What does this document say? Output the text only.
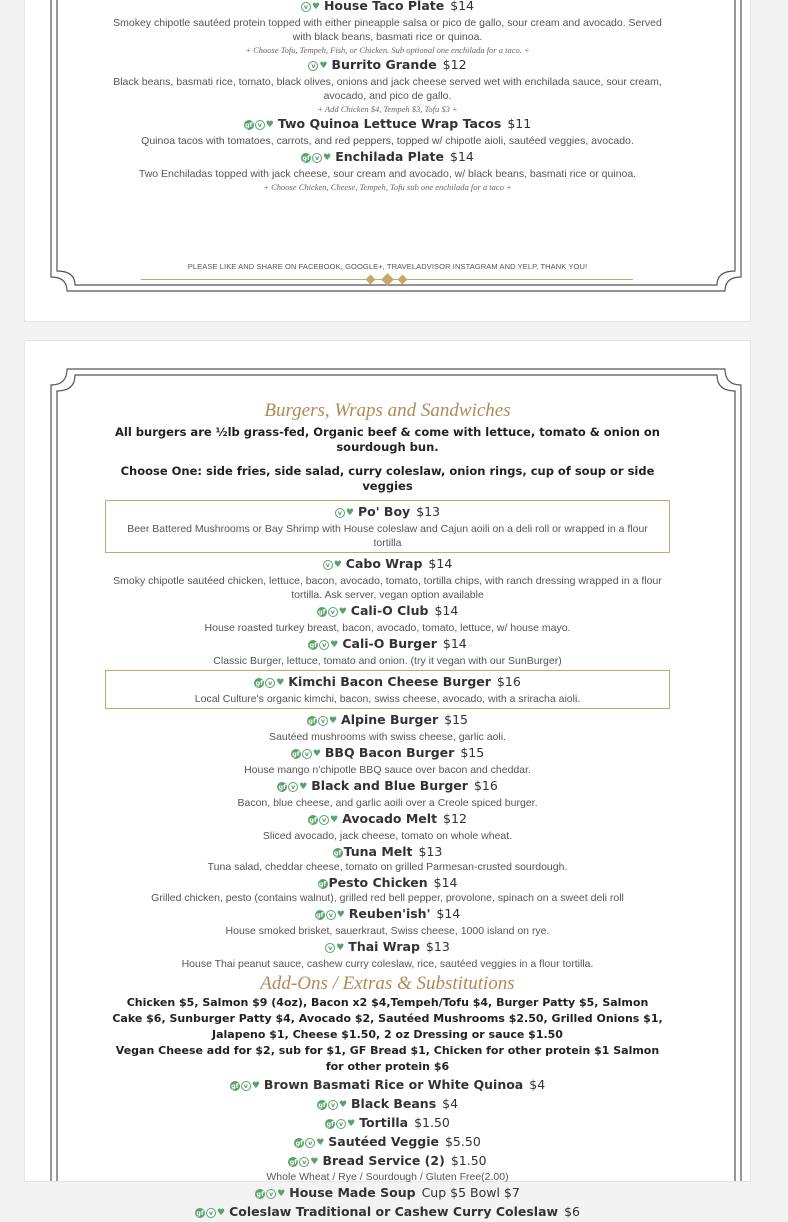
v ♥ House Taco Plate $14
Smokey chipotle sautéed protein topped with either pineapple salsa or pico de gallo, sour cream and avocado. Served with black beans, basmati rice or quinoa.
+ Choose Tofu, Tempeh, Fish, or Chicken. Sub optional one enchilada for a taco. +
v ♥ Burrito Grande $12
Black beans, basmati rice, tomato, black olives, onions and jack cheese served wet with enchilada sauce, sour cream, avocado, and pico de gallo.
+ Add Chicken $4, Tempeh $3, Tofu $3 +
gf v ♥ Two Quinoa Lettuce Wrap Tacos $11
Quinoa tacos with tomatoes, carrots, and red peppers, topped w/ chipotle aioli, sautéed veggies, avocado.
gf v ♥ Enchilada Plate $14
Two Enchiladas topped with jack cheese, sour cream and avocado, w/ black beans, basmati rice or quinoa.
+ Choose Chicken, Cheese, Tempeh, Tofu sub one enchilada for a taco +
PLEASE LIKE AND SHARE ON FACEBOOK, GOOGLE+, TRAVELADVISOR INSTAGRAM AND YELP, THANK YOU!
Burgers, Wraps and Sandwiches
All burgers are ½lb grass-fed, Organic beef & come with lettuce, tomato & onion on sourdough bun.
Choose One: side fries, side salad, curry coleslaw, onion rings, cup of soup or side veggies
v ♥ Po' Boy $13
Beer Battered Mushrooms or Bay Shrimp with House coleslaw and Cajun aoili on a deli roll or wrapped in a flour tortilla
v ♥ Cabo Wrap $14
Smoky chipotle sautéed chicken, lettuce, bacon, avocado, tomato, tortilla chips, with ranch dressing wrapped in a flour tortilla. Ask server, vegan option available
gf v ♥ Cali-O Club $14
House roasted turkey breast, bacon, avocado, tomato, lettuce, w/ house mayo.
gf v ♥ Cali-O Burger $14
Classic Burger, lettuce, tomato and onion. (try it vegan with our SunBurger)
gf v ♥ Kimchi Bacon Cheese Burger $16
Local Culture's organic kimchi, bacon, swiss cheese, avocado, with a sriracha aioli.
gf v ♥ Alpine Burger $15
Sautéed mushrooms with swiss cheese, garlic aoli.
gf v ♥ BBQ Bacon Burger $15
House mango n'chipotle BBQ sauce over bacon and cheddar.
gf v ♥ Black and Blue Burger $16
Bacon, blue cheese, and garlic aoili over a Creole spiced burger.
gf v ♥ Avocado Melt $12
Sliced avocado, jack cheese, tomato on whole wheat.
gf Tuna Melt $13
Tuna salad, cheddar cheese, tomato on grilled Parmesan-crusted sourdough.
gf Pesto Chicken $14
Grilled chicken, pesto (contains walnut), grilled red bell pepper, provolone, spinach on a sweet deli roll
gf v ♥ Reuben'ish' $14
House smoked brisket, sauerkraut, Swiss cheese, 1000 island on rye.
v ♥ Thai Wrap $13
House Thai peanut sauce, cashew curry coleslaw, rice, sautéed veggies in a flour tortilla.
Add-Ons / Extras & Substitutions
Chicken $5, Salmon $9 (4oz), Bacon x2 $4,Tempeh/Tofu $4, Burger Patty $5, Salmon Cake $6, Sunburger Patty $4, Avocado $2, Sautéed Mushrooms $2.50, Grilled Onions $1, Jalapeno $1, Cheese $1.50, 2 oz Dressing or sauce $1.50
Vegan Cheese add for $2, sub for $1, GF Bread $1, Chicken for other protein $1 Salmon for other protein $6
gf v ♥ Brown Basmati Rice or White Quinoa $4
gf v ♥ Black Beans $4
gf v ♥ Tortilla $1.50
gf v ♥ Sautéed Veggie $5.50
gf v ♥ Bread Service (2) $1.50
Whole Wheat / Rye / Sourdough / Gluten Free(2.00)
gf v ♥ House Made Soup Cup $5 Bowl $7
gf v ♥ Coleslaw Traditional or Cashew Curry Coleslaw $6
